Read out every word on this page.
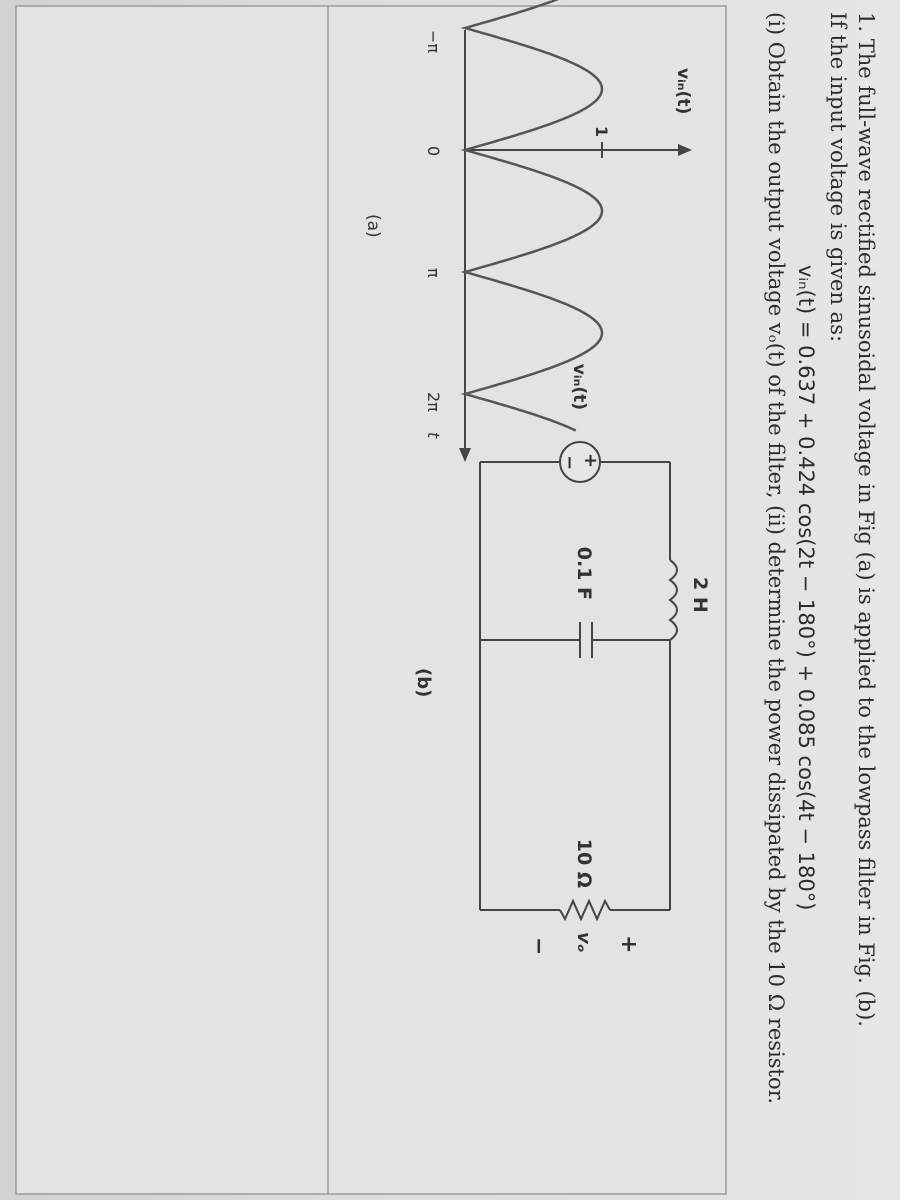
1. The full-wave rectified sinusoidal voltage in Fig (a) is applied to the lowpass filter in Fig. (b).
If the input voltage is given as:
vᵢₙ(t) = 0.637 + 0.424 cos(2t − 180°) + 0.085 cos(4t − 180°)
(i) Obtain the output voltage vₒ(t) of the filter, (ii) determine the power dissipated by the 10 Ω resistor.
vᵢₙ(t)
1
−π
0
π
2π
t
(a)
+
−
vᵢₙ(t)
2 H
0.1 F
10 Ω
+
vₒ
−
(b)
